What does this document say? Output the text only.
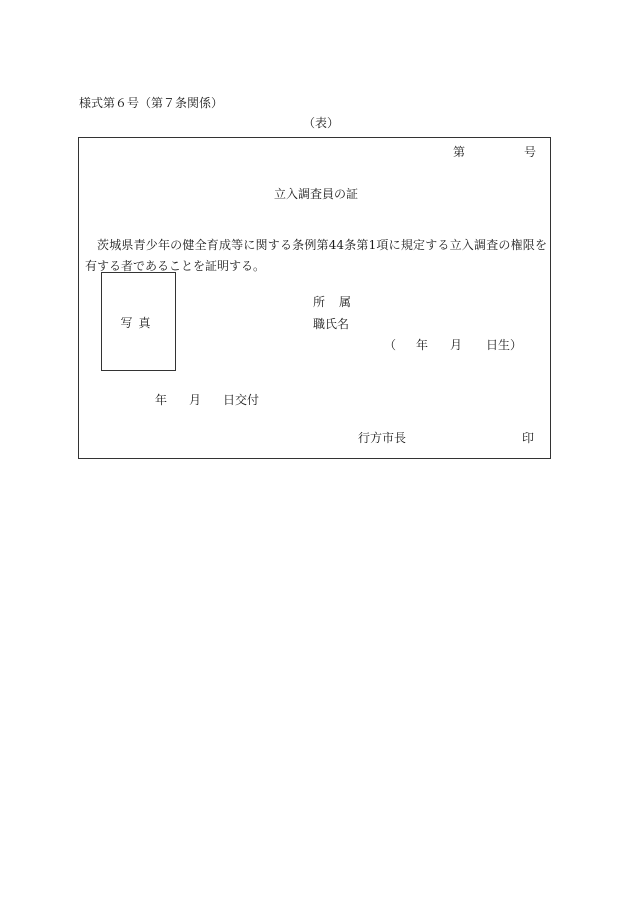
様式第６号（第７条関係）
（表）
第	号
立入調査員の証
茨城県青少年の健全育成等に関する条例第44条第1項に規定する立入調査の権限を有する者であることを証明する。
写真
所 属
職氏名
（ 年 月 日生）
年 月 日交付
行方市長	印
